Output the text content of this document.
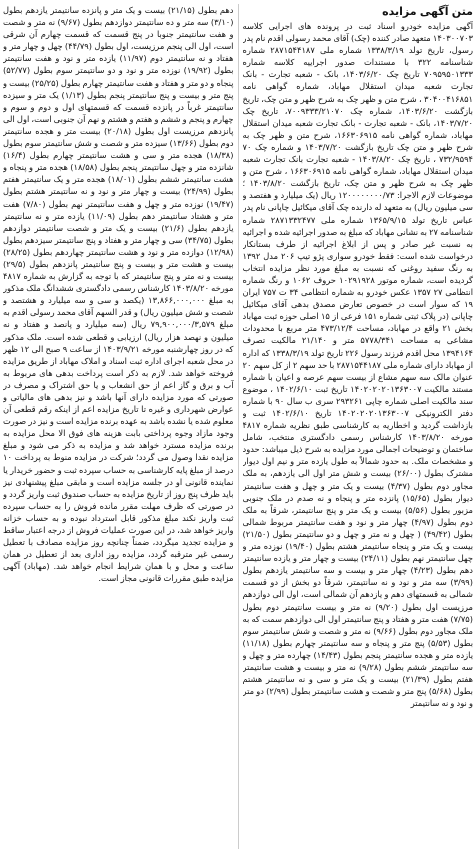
متن آگهی مزایده

آگهی مزایده خودرو اسناد ثبت در پرونده های اجرایی کلاسه ۱۴۰۳۰۰۷۰۳ متعهد صادر کننده (چک) آقای محمد رسولی اقدم نام پدر رسول، تاریخ تولد ۱۳۳۸/۳/۱۹ شماره ملی ۲۸۷۱۵۴۴۱۸۷ شماره شناسنامه ۳۲۲ با مستندات صدور اجراییه کلاسه شماره ۷۰۹۵۹۵۰۱۳۳۳ تاریخ چک ۱۴۰۳/۶/۲۰، بانک - شعبه تجارت - بانک تجارت شعبه میدان استقلال مهاباد، شماره گواهی نامه ۳۰۴۰۰۴۱۶۸۵۱ ، شرح متن و ظهر چک به شرح ظهر و متن چک، تاریخ بازگشت ۱۴۰۳/۶/۲۰، شماره چک ۷۰۰۹۳۳۳/۲۱۰۷۰، تاریخ چک ۱۴۰۳/۷/۲۰، بانک - شعبه تجارت - بانک تجارت شعبه میدان استقلال مهاباد، شماره گواهی نامه ۱۶۶۳۰۶۹۱۵، شرح متن و ظهر چک به شرح ظهر و متن چک تاریخ بازگشت ۱۴۰۳/۷/۲۰ و شماره چک ۷۰ ۷۳۲/۹۵۹۴ ، تاریخ چک ۱۴۰۳/۸/۲۰ - شعبه تجارت بانک تجارت شعبه میدان استقلال مهاباد، شماره گواهی نامه ۱۶۶۳۰۶۹۱۵ ، شرح متن و ظهر چک به شرح ظهر و متن چک، تاریخ بازگشت ۱۴۰۳/۸/۲۰ ؛ موضوعات لازم الاجرا: ۱۲۰۰۰۰۰۰۰۰/۷۳ ریال (یک میلیارد و هفتصد و سی میلیون ریال) به متعهد له دارنده چک آقای میکائیل چاپانی نام پدر عباس تاریخ تولد ۱۳۶۵/۹/۱۵ شماره ملی ۲۸۷۱۳۳۲۴۷۷ شماره شناسنامه ۲۷ به نشانی مهاباد که مبلغ به صدور اجرائیه شده و اجرائیه به نسبت غیر صادر و پس از ابلاغ اجرائیه از طرف بستانکار درخواست شده است: فقط خودرو سواری پژو تیپ ۲۰۶ مدل ۱۳۹۲ به رنگ سفید روغنی که نسبت به مبلغ مورد نظر مزایده انتخاب گردیده است، شماره موتور ۱۰۲۹۱۹۲۸ حروف ۱۰۶۲ و رنگ شماره انتظامی ۲۷ ۱۳۵۷ عکس خودرو به شماره انتظامی ۳۴ ت ۷۵۷ ایران ۱۹ که سوار است در خصوص تعارض مصدق بدهی آقای میکائیل چاپانی (در پلاک ثبتی شماره ۱۵۱ فرعی از ۱۵ اصلی حوزه ثبت مهاباد بخش ۲۱ واقع در مهاباد، مساحت ۴۷۳/۱۲/۴ متر مربع با محدودات مشاعی به مساحت ۵۷۷۸/۳۴۱ متر و ۲۱/۱۴۰ مالکیت تصرف ۱۳۹۴۱۶۴ محل اقدم فرزند رسول ۲۲۶ تاریخ تولد ۱۳۳۸/۳/۱۹ که اداره از مهاباد دارای شماره ملی ۲۸۷۱۵۴۴۱۸۷ با حد سهم ۲ از کل سهم ۲۰ عنوان مالک سه سهم مشاع از بیست سهم عرصه و اعیان با شماره مستند مالکیت ۱۴۰۲۰۲۰۲۰۱۳۶۳۰۰۷ تاریخ ثبت ۱۴۰۲/۶/۱۰ ، موضوع سند مالکیت اصلی شماره چاپی ۲۹۳۲۶۱ سری ب سال ۹۰ با شماره دفتر الکترونیکی ۱۴۰۲۰۲۰۲۰۱۳۶۳۰۰۷ تاریخ ۱۴۰۲/۶/۱۰ ثبت و بازداشت گردید و اخطاریه به کارشناسی طبق نظریه شماره ۴۸۱۷ مورخه ۱۴۰۳/۸/۲۰ کارشناس رسمی دادگستری منتخب، شامل ساختمان و توضیحات اجمالی مورد مزایده به شرح ذیل میباشد: حدود و مشخصات ملک. به حدود شمالاً به طول یازده متر و نیم اول دیوار مشترک بطول (۲۶/۰۰) بیست و شش متر اول الی یازدهم، به ملک مجاور دوم بطول (۴/۳۷) بیست و یک متر و چهل و هفت سانتیمتر دیوار بطول (۱۵/۶۵) پانزده متر و پنجاه و نه صدم در ملک جنوبی مزبور بطول (۵/۵۶) بیست و یک متر و پنج سانتیمتر، شرقاً به ملک دوم بطول (۴/۹۷) چهار متر و نود و هفت سانتیمتر مربوط شمالی بطول (۴۹/۴۲) ( چهل و نه متر و چهل و دو سانتیمتر بطول (۲۱/۵۰) بیست و یک متر و پنجاه سانتیمتر هشتم بطول (۱۹/۴۰) نوزده متر و چهل سانتیمتر نهم بطول (۲۴/۱۱) بیست و چهار متر و یازده سانتیمتر دهم بطول (۴/۲۳) چهار متر و بیست و سه سانتیمتر یازدهم بطول (۳/۹۹) سه متر و نود و نه سانتیمتر، شرقاً دو بخش از دو قسمت شمالی به قسمتهای دهم و یازدهم آن شمالی است، اول الی دوازدهم مرزیست اول بطول (۹/۲۰) نه متر و بیست سانتیمتر دوم بطول (۷/۷۵) هفت متر و هفتاد و پنج سانتیمتر اول الی دوازدهم سمت که به ملک مجاور دوم بطول (۹/۶۶) نه متر و شصت و شش سانتیمتر سوم بطول (۵/۵۳) پنج متر و پنجاه و سه سانتیمتر چهارم بطول (۱۱/۱۸) یازده متر و هجده سانتیمتر پنجم بطول (۱۴/۴۳) چهارده متر و چهل و سه سانتیمتر ششم بطول (۹/۲۸) نه متر و بیست و هشت سانتیمتر هفتم بطول (۲۱/۳۹) بیست و یک متر و سی و نه سانتیمتر هشتم بطول (۵/۶۸) پنج متر و شصت و هشت سانتیمتر بطول (۲/۹۹) دو متر و نود و نه سانتیمتر

دهم بطول (۲۱/۱۵) بیست و یک متر و پانزده سانتیمتر یازدهم بطول (۳/۱۰) سه متر و ده سانتیمتر دوازدهم بطول (۹/۶۷) نه متر و شصت و هفت سانتیمتر جنوبا در پنج قسمت که قسمت چهارم آن شرقی است، اول الی پنجم مرزیست، اول بطول (۴۴/۷۹) چهل و چهار متر و هفتاد و نه سانتیمتر دوم (۱۱/۹۷) یازده متر و نود و هفت سانتیمتر بطول (۱۹/۹۲) نوزده متر و نود و دو سانتیمتر سوم بطول (۵۲/۷۷) پنجاه و دو متر و هفتاد و هفت سانتیمتر چهارم بطول (۲۵/۲۵) بیست و پنج متر و بیست و پنج سانتیمتر پنجم بطول (۱/۱۳) یک متر و سیزده سانتیمتر غرباً در پانزده قسمت که قسمتهای اول و دوم و سوم و چهارم و پنجم و ششم و هفتم و هشتم و نهم آن جنوبی است، اول الی پانزدهم مرزیست اول بطول (۲۰/۱۸) بیست متر و هجده سانتیمتر دوم بطول (۱۳/۶۶) سیزده متر و شصت و شش سانتیمتر سوم بطول (۱۸/۳۸) هجده متر و سی و هشت سانتیمتر چهارم بطول (۱۶/۴) شانزده متر و چهل سانتیمتر پنجم بطول (۱۸/۵۸) هجده متر و پنجاه و هشت سانتیمتر ششم بطول (۱۸/۰۱) هجده متر و یک سانتیمتر هفتم بطول (۲۴/۹۹) بیست و چهار متر و نود و نه سانتیمتر هشتم بطول (۱۹/۴۷) نوزده متر و چهل و هفت سانتیمتر نهم بطول (۷/۸۰) هفت متر و هشتاد سانتیمتر دهم بطول (۱۱/۰۹) یازده متر و نه سانتیمتر یازدهم بطول (۲۱/۶) بیست و یک متر و شصت سانتیمتر دوازدهم بطول (۳۴/۷۵) سی و چهار متر و هفتاد و پنج سانتیمتر سیزدهم بطول (۱۲/۹۸) دوازده متر و نود و هشت سانتیمتر چهاردهم بطول (۲۸/۲۵) بیست و هشت متر و بیست و پنج سانتیمتر پانزدهم بطول (۲۹/۵) بیست و نه متر و پنج سانتیمتر که با توجه به گزارش به شماره ۴۸۱۷ مورخه ۱۴۰۳/۸/۲۰ کارشناس رسمی دادگستری ششدانگ ملک مذکور به مبلغ ۱۳,۸۶۶,۰۰۰,۰۰۰ (یکصد و سی و سه میلیارد و هشتصد و شصت و شش میلیون ریال) و قدر السهم آقای محمد رسولی اقدم به مبلغ ۷۹,۹۰۰,۰۰۰/۳,۵۷۹ ریال (سه میلیارد و پانصد و هفتاد و نه میلیون و نهصد هزار ریال) ارزیابی و قطعی شده است. ملک مذکور که در روز چهارشنبه مورخه ۱۴۰۳/۹/۲۱ از ساعت ۹ صبح الی ۱۲ ظهر در محل شعبه اجرای اداره ثبت اسناد و املاک مهاباد از طریق مزایده فروخته خواهد شد. لازم به ذکر است پرداخت بدهی های مربوط به آب و برق و گاز اعم از حق انشعاب و یا حق اشتراک و مصرف در صورتی که مورد مزایده دارای آنها باشد و نیز بدهی های مالیاتی و عوارض شهرداری و غیره تا تاریخ مزایده اعم از اینکه رقم قطعی آن معلوم شده یا نشده باشد به عهده برنده مزایده است و نیز در صورت وجود مازاد وجوه پرداختی بابت هزینه های فوق الا محل مزایده به برنده مزایده مسترد خواهد شد و مزایده به ذکر می شود و مبلغ مزایده نقدا وصول می گردد؛ شرکت در مزایده منوط به پرداخت ۱۰ درصد از مبلغ پایه کارشناسی به حساب سپرده ثبت و حضور خریدار یا نماینده قانونی او در جلسه مزایده است و مابقی مبلغ پیشنهادی نیز باید ظرف پنج روز از تاریخ مزایده به حساب صندوق ثبت واریز گردد و در صورتی که ظرف مهلت مقرر مانده فروش را به حساب سپرده ثبت واریز نکند مبلغ مذکور قابل استرداد نبوده و به حساب خزانه واریز خواهد شد، در این صورت عملیات فروش از درجه اعتبار ساقط و مزایده تجدید میگردد، ضمناً چنانچه روز مزایده مصادف با تعطیل رسمی غیر مترقبه گردد، مزایده روز اداری بعد از تعطیل در همان ساعت و محل و با همان شرایط انجام خواهد شد. (مهاباد) آگهی مزایده طبق مقررات قانونی مجاز است.
